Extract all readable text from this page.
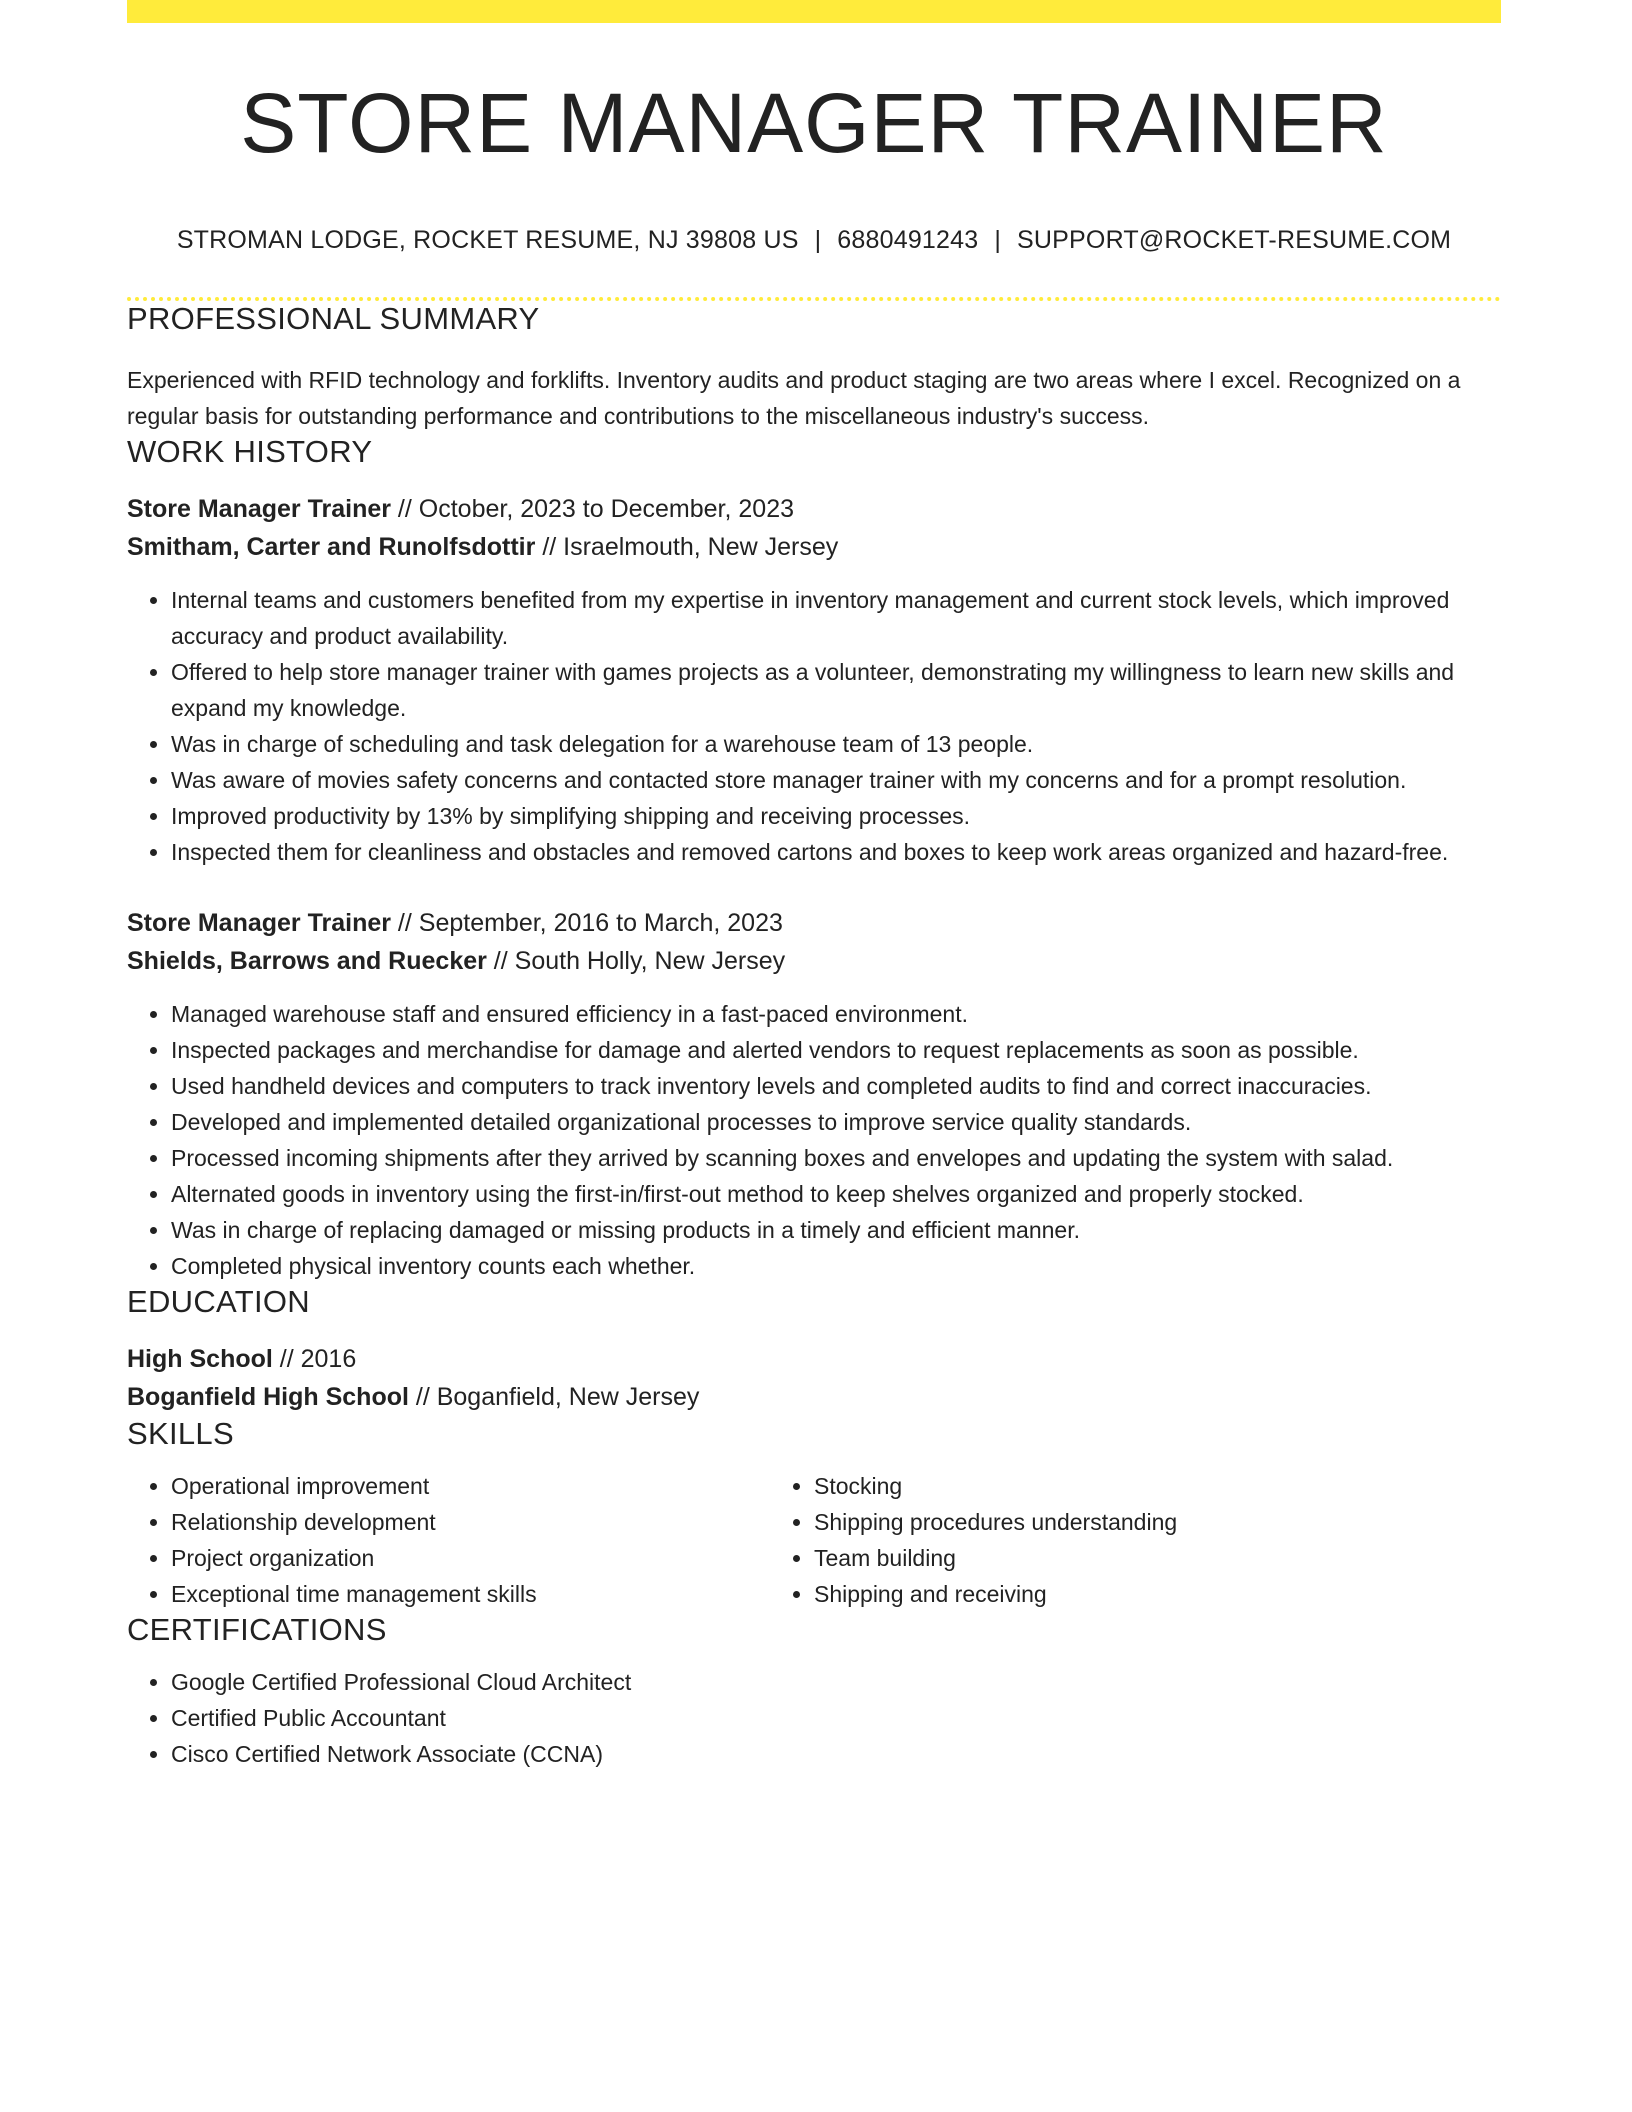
STORE MANAGER TRAINER
STROMAN LODGE, ROCKET RESUME, NJ 39808 US | 6880491243 | SUPPORT@ROCKET-RESUME.COM
PROFESSIONAL SUMMARY
Experienced with RFID technology and forklifts. Inventory audits and product staging are two areas where I excel. Recognized on a regular basis for outstanding performance and contributions to the miscellaneous industry's success.
WORK HISTORY
Store Manager Trainer // October, 2023 to December, 2023
Smitham, Carter and Runolfsdottir // Israelmouth, New Jersey
• Internal teams and customers benefited from my expertise in inventory management and current stock levels, which improved accuracy and product availability.
• Offered to help store manager trainer with games projects as a volunteer, demonstrating my willingness to learn new skills and expand my knowledge.
• Was in charge of scheduling and task delegation for a warehouse team of 13 people.
• Was aware of movies safety concerns and contacted store manager trainer with my concerns and for a prompt resolution.
• Improved productivity by 13% by simplifying shipping and receiving processes.
• Inspected them for cleanliness and obstacles and removed cartons and boxes to keep work areas organized and hazard-free.
Store Manager Trainer // September, 2016 to March, 2023
Shields, Barrows and Ruecker // South Holly, New Jersey
• Managed warehouse staff and ensured efficiency in a fast-paced environment.
• Inspected packages and merchandise for damage and alerted vendors to request replacements as soon as possible.
• Used handheld devices and computers to track inventory levels and completed audits to find and correct inaccuracies.
• Developed and implemented detailed organizational processes to improve service quality standards.
• Processed incoming shipments after they arrived by scanning boxes and envelopes and updating the system with salad.
• Alternated goods in inventory using the first-in/first-out method to keep shelves organized and properly stocked.
• Was in charge of replacing damaged or missing products in a timely and efficient manner.
• Completed physical inventory counts each whether.
EDUCATION
High School // 2016
Boganfield High School // Boganfield, New Jersey
SKILLS
• Operational improvement
• Relationship development
• Project organization
• Exceptional time management skills
• Stocking
• Shipping procedures understanding
• Team building
• Shipping and receiving
CERTIFICATIONS
• Google Certified Professional Cloud Architect
• Certified Public Accountant
• Cisco Certified Network Associate (CCNA)
